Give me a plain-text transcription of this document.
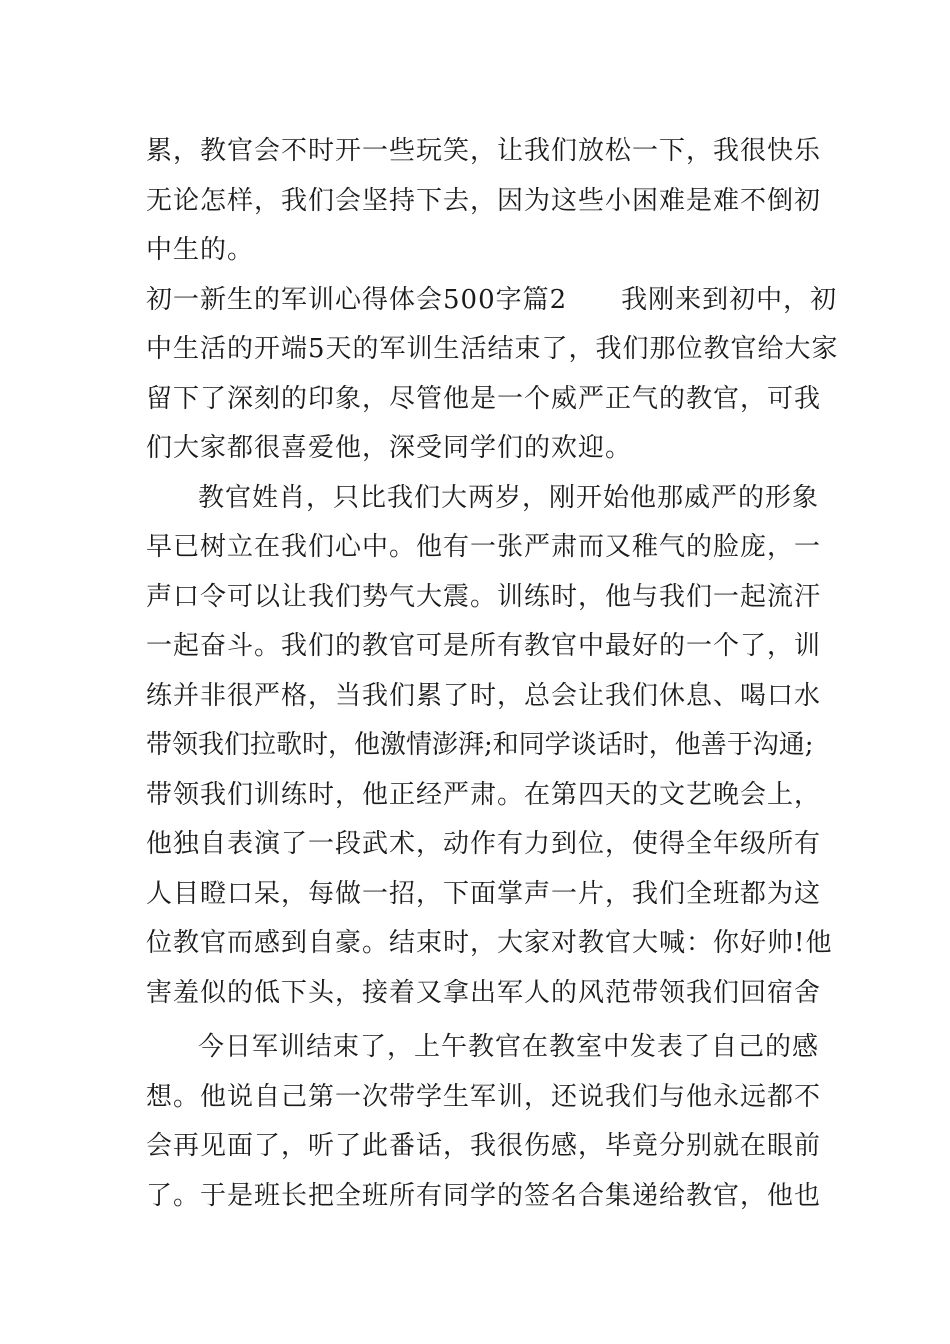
累，教官会不时开一些玩笑，让我们放松一下，我很快乐
无论怎样，我们会坚持下去，因为这些小困难是难不倒初
中生的。
初一新生的军训心得体会500字篇2　　我刚来到初中，初
中生活的开端5天的军训生活结束了，我们那位教官给大家
留下了深刻的印象，尽管他是一个威严正气的教官，可我
们大家都很喜爱他，深受同学们的欢迎。
教官姓肖，只比我们大两岁，刚开始他那威严的形象
早已树立在我们心中。他有一张严肃而又稚气的脸庞，一
声口令可以让我们势气大震。训练时，他与我们一起流汗
一起奋斗。我们的教官可是所有教官中最好的一个了，训
练并非很严格，当我们累了时，总会让我们休息、喝口水
带领我们拉歌时，他激情澎湃;和同学谈话时，他善于沟通;
带领我们训练时，他正经严肃。在第四天的文艺晚会上，
他独自表演了一段武术，动作有力到位，使得全年级所有
人目瞪口呆，每做一招，下面掌声一片，我们全班都为这
位教官而感到自豪。结束时，大家对教官大喊：你好帅!他
害羞似的低下头，接着又拿出军人的风范带领我们回宿舍
今日军训结束了，上午教官在教室中发表了自己的感
想。他说自己第一次带学生军训，还说我们与他永远都不
会再见面了，听了此番话，我很伤感，毕竟分别就在眼前
了。于是班长把全班所有同学的签名合集递给教官，他也
